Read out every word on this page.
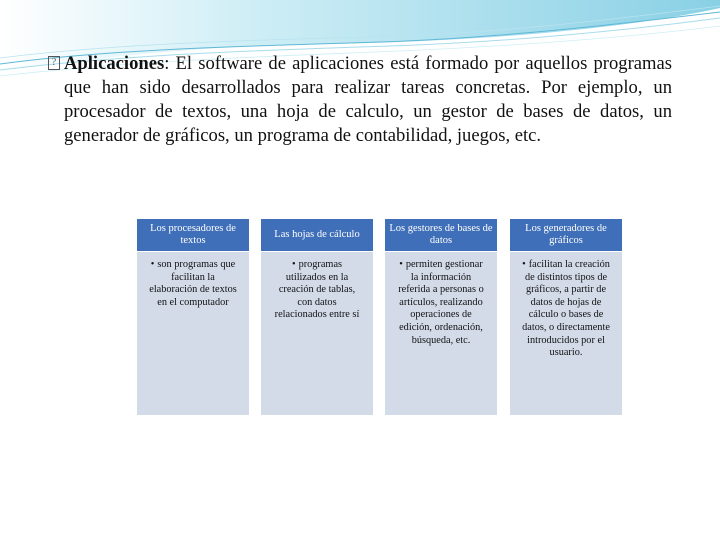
? Aplicaciones: El software de aplicaciones está formado por aquellos programas que han sido desarrollados para realizar tareas concretas. Por ejemplo, un procesador de textos, una hoja de calculo, un gestor de bases de datos, un generador de gráficos, un programa de contabilidad, juegos, etc.
Los procesadores de textos
• son programas que facilitan la elaboración de textos en el computador
Las hojas de cálculo
• programas utilizados en la creación de tablas, con datos relacionados entre sí
Los gestores de bases de datos
• permiten gestionar la información referida a personas o artículos, realizando operaciones de edición, ordenación, búsqueda, etc.
Los generadores de gráficos
• facilitan la creación de distintos tipos de gráficos, a partir de datos de hojas de cálculo o bases de datos, o directamente introducidos por el usuario.
